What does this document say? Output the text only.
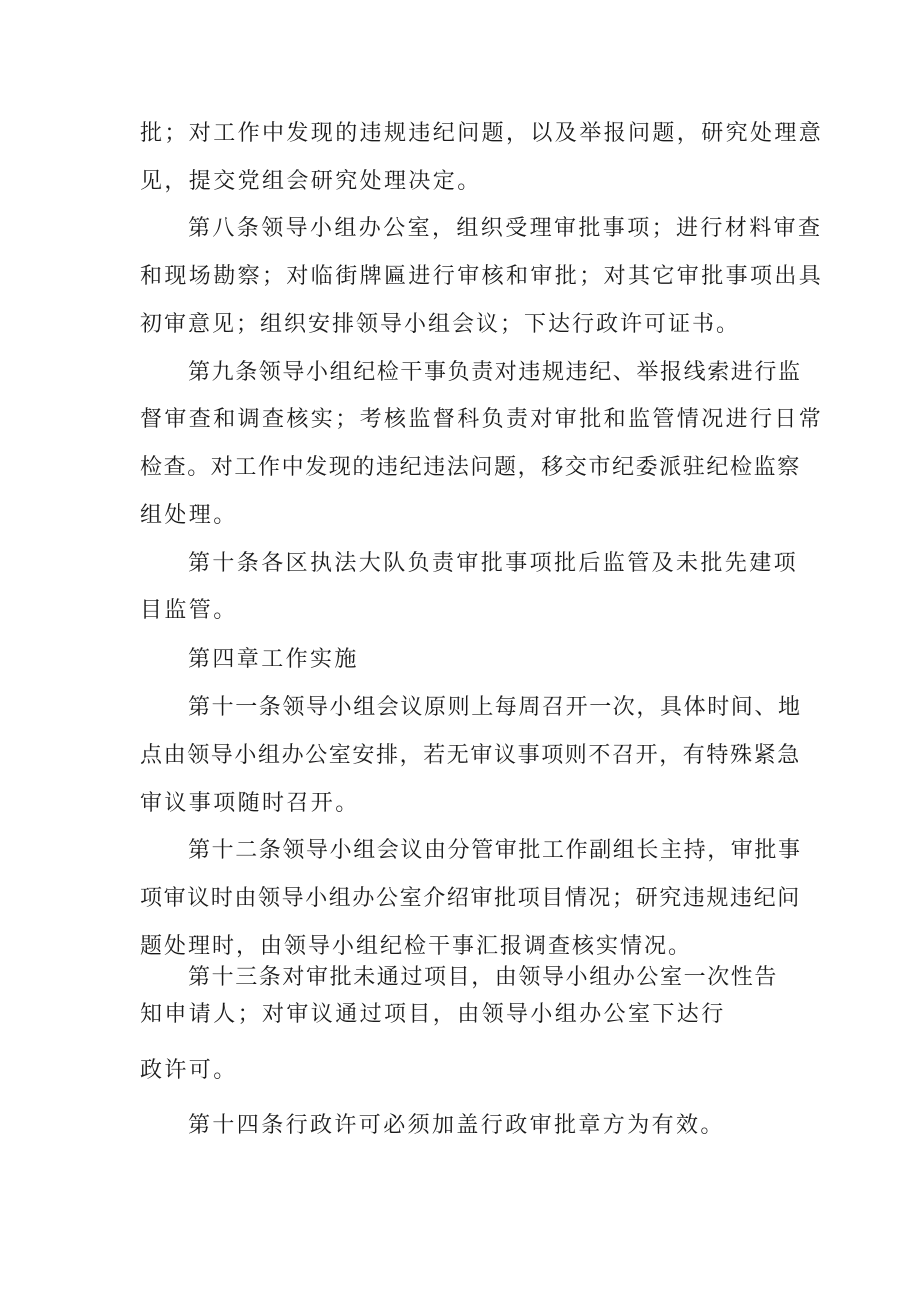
批；对工作中发现的违规违纪问题，以及举报问题，研究处理意
见，提交党组会研究处理决定。
第八条领导小组办公室，组织受理审批事项；进行材料审查
和现场勘察；对临街牌匾进行审核和审批；对其它审批事项出具
初审意见；组织安排领导小组会议；下达行政许可证书。
第九条领导小组纪检干事负责对违规违纪、举报线索进行监
督审查和调查核实；考核监督科负责对审批和监管情况进行日常
检查。对工作中发现的违纪违法问题，移交市纪委派驻纪检监察
组处理。
第十条各区执法大队负责审批事项批后监管及未批先建项
目监管。
第四章工作实施
第十一条领导小组会议原则上每周召开一次，具体时间、地
点由领导小组办公室安排，若无审议事项则不召开，有特殊紧急
审议事项随时召开。
第十二条领导小组会议由分管审批工作副组长主持，审批事
项审议时由领导小组办公室介绍审批项目情况；研究违规违纪问
题处理时，由领导小组纪检干事汇报调查核实情况。
第十三条对审批未通过项目，由领导小组办公室一次性告
知申请人；对审议通过项目，由领导小组办公室下达行
政许可。
第十四条行政许可必须加盖行政审批章方为有效。
